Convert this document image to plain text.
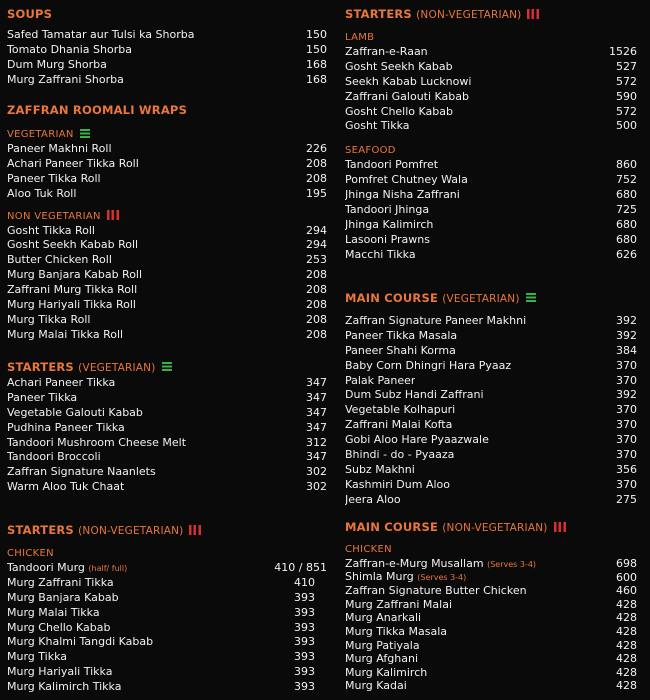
SOUPS
Safed Tamatar aur Tulsi ka Shorba	150
Tomato Dhania Shorba	150
Dum Murg Shorba	168
Murg Zaffrani Shorba	168
ZAFFRAN ROOMALI WRAPS
VEGETARIAN
Paneer Makhni Roll	226
Achari Paneer Tikka Roll	208
Paneer Tikka Roll	208
Aloo Tuk Roll	195
NON VEGETARIAN
Gosht Tikka Roll	294
Gosht Seekh Kabab Roll	294
Butter Chicken Roll	253
Murg Banjara Kabab Roll	208
Zaffrani Murg Tikka Roll	208
Murg Hariyali Tikka Roll	208
Murg Tikka Roll	208
Murg Malai Tikka Roll	208
STARTERS (VEGETARIAN)
Achari Paneer Tikka	347
Paneer Tikka	347
Vegetable Galouti Kabab	347
Pudhina Paneer Tikka	347
Tandoori Mushroom Cheese Melt	312
Tandoori Broccoli	347
Zaffran Signature Naanlets	302
Warm Aloo Tuk Chaat	302
STARTERS (NON-VEGETARIAN)
CHICKEN
Tandoori Murg (half/ full)	410 / 851
Murg Zaffrani Tikka	410
Murg Banjara Kabab	393
Murg Malai Tikka	393
Murg Chello Kabab	393
Murg Khalmi Tangdi Kabab	393
Murg Tikka	393
Murg Hariyali Tikka	393
Murg Kalimirch Tikka	393
STARTERS (NON-VEGETARIAN)
LAMB
Zaffran-e-Raan	1526
Gosht Seekh Kabab	527
Seekh Kabab Lucknowi	572
Zaffrani Galouti Kabab	590
Gosht Chello Kabab	572
Gosht Tikka	500
SEAFOOD
Tandoori Pomfret	860
Pomfret Chutney Wala	752
Jhinga Nisha Zaffrani	680
Tandoori Jhinga	725
Jhinga Kalimirch	680
Lasooni Prawns	680
Macchi Tikka	626
MAIN COURSE (VEGETARIAN)
Zaffran Signature Paneer Makhni	392
Paneer Tikka Masala	392
Paneer Shahi Korma	384
Baby Corn Dhingri Hara Pyaaz	370
Palak Paneer	370
Dum Subz Handi Zaffrani	392
Vegetable Kolhapuri	370
Zaffrani Malai Kofta	370
Gobi Aloo Hare Pyaazwale	370
Bhindi - do - Pyaaza	370
Subz Makhni	356
Kashmiri Dum Aloo	370
Jeera Aloo	275
MAIN COURSE (NON-VEGETARIAN)
CHICKEN
Zaffran-e-Murg Musallam (Serves 3-4)	698
Shimla Murg (Serves 3-4)	600
Zaffran Signature Butter Chicken	460
Murg Zaffrani Malai	428
Murg Anarkali	428
Murg Tikka Masala	428
Murg Patiyala	428
Murg Afghani	428
Murg Kalimirch	428
Murg Kadai	428
